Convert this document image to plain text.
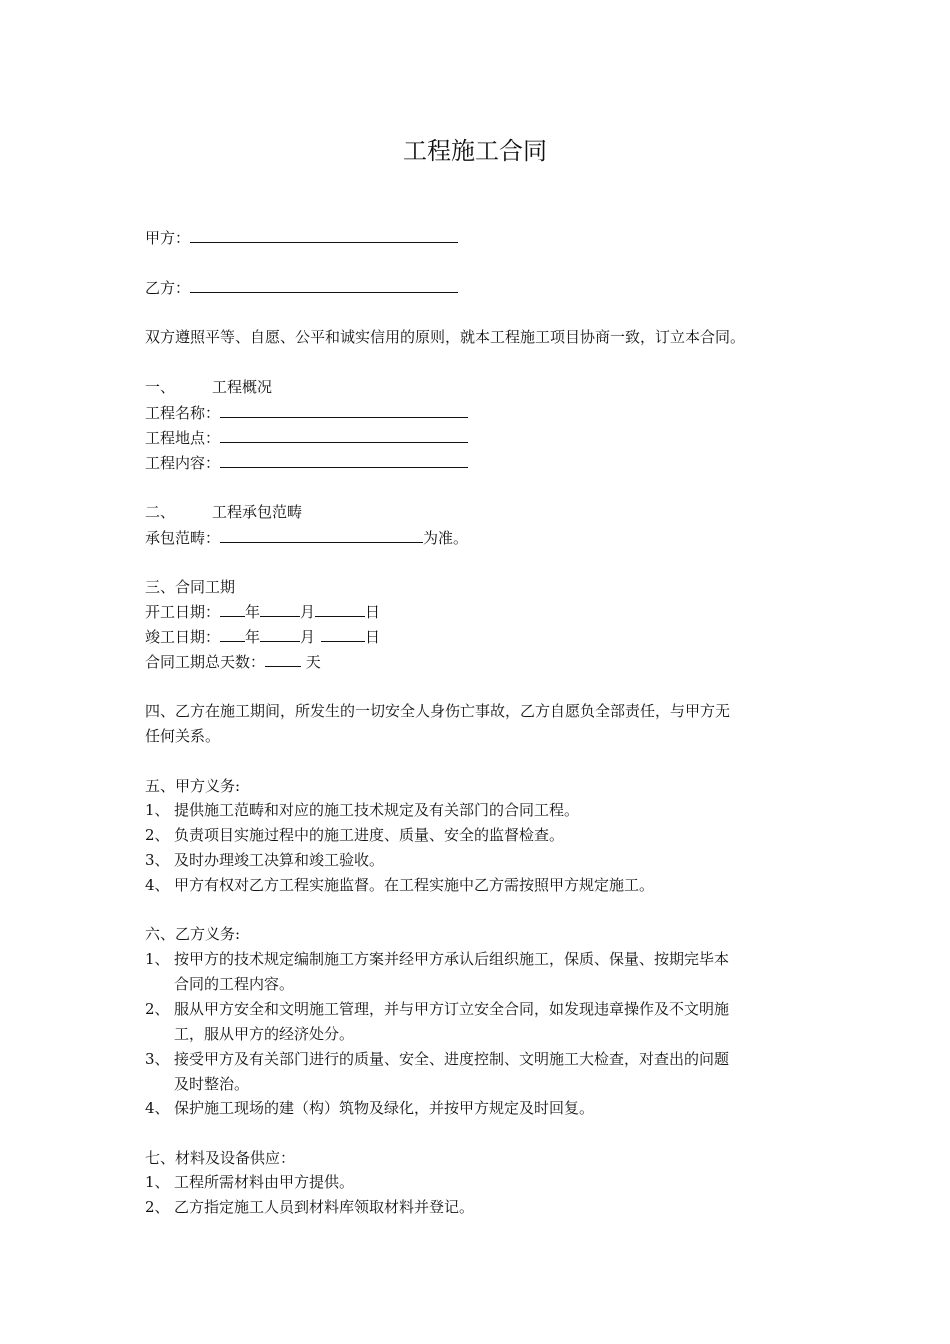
工程施工合同
甲方：
乙方：
双方遵照平等、自愿、公平和诚实信用的原则，就本工程施工项目协商一致，订立本合同。
一、 工程概况
工程名称：
工程地点：
工程内容：
二、 工程承包范畴
承包范畴：	为准。
三、合同工期
开工日期： 年	月	日
竣工日期： 年	月	日
合同工期总天数：	天
四、乙方在施工期间，所发生的一切安全人身伤亡事故，乙方自愿负全部责任，与甲方无
任何关系。
五、甲方义务:
1、 提供施工范畴和对应的施工技术规定及有关部门的合同工程。
2、 负责项目实施过程中的施工进度、质量、安全的监督检查。
3、 及时办理竣工决算和竣工验收。
4、 甲方有权对乙方工程实施监督。在工程实施中乙方需按照甲方规定施工。
六、乙方义务:
1、 按甲方的技术规定编制施工方案并经甲方承认后组织施工，保质、保量、按期完毕本
合同的工程内容。
2、 服从甲方安全和文明施工管理，并与甲方订立安全合同，如发现违章操作及不文明施
工，服从甲方的经济处分。
3、 接受甲方及有关部门进行的质量、安全、进度控制、文明施工大检查，对查出的问题
及时整治。
4、 保护施工现场的建（构）筑物及绿化，并按甲方规定及时回复。
七、材料及设备供应：
1、 工程所需材料由甲方提供。
2、 乙方指定施工人员到材料库领取材料并登记。
